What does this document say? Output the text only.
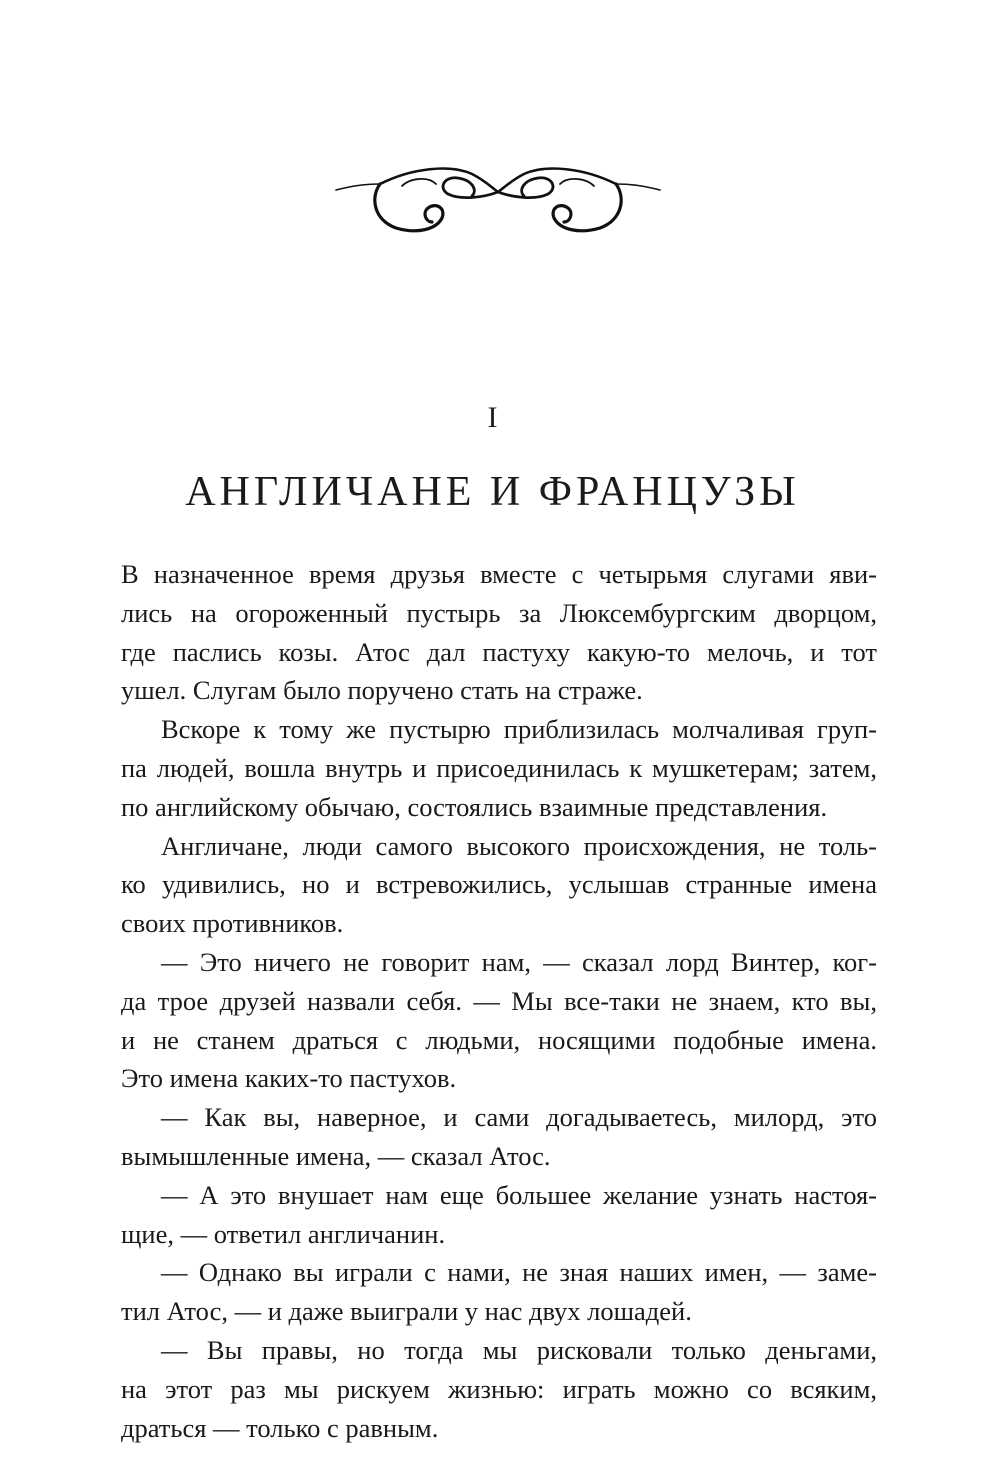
I
АНГЛИЧАНЕ И ФРАНЦУЗЫ
В назначенное время друзья вместе с четырьмя слугами яви-
лись на огороженный пустырь за Люксембургским дворцом,
где паслись козы. Атос дал пастуху какую-то мелочь, и тот
ушел. Слугам было поручено стать на страже.
Вскоре к тому же пустырю приблизилась молчаливая груп-
па людей, вошла внутрь и присоединилась к мушкетерам; затем,
по английскому обычаю, состоялись взаимные представления.
Англичане, люди самого высокого происхождения, не толь-
ко удивились, но и встревожились, услышав странные имена
своих противников.
— Это ничего не говорит нам, — сказал лорд Винтер, ког-
да трое друзей назвали себя. — Мы все-таки не знаем, кто вы,
и не станем драться с людьми, носящими подобные имена.
Это имена каких-то пастухов.
— Как вы, наверное, и сами догадываетесь, милорд, это
вымышленные имена, — сказал Атос.
— А это внушает нам еще большее желание узнать настоя-
щие, — ответил англичанин.
— Однако вы играли с нами, не зная наших имен, — заме-
тил Атос, — и даже выиграли у нас двух лошадей.
— Вы правы, но тогда мы рисковали только деньгами,
на этот раз мы рискуем жизнью: играть можно со всяким,
драться — только с равным.
